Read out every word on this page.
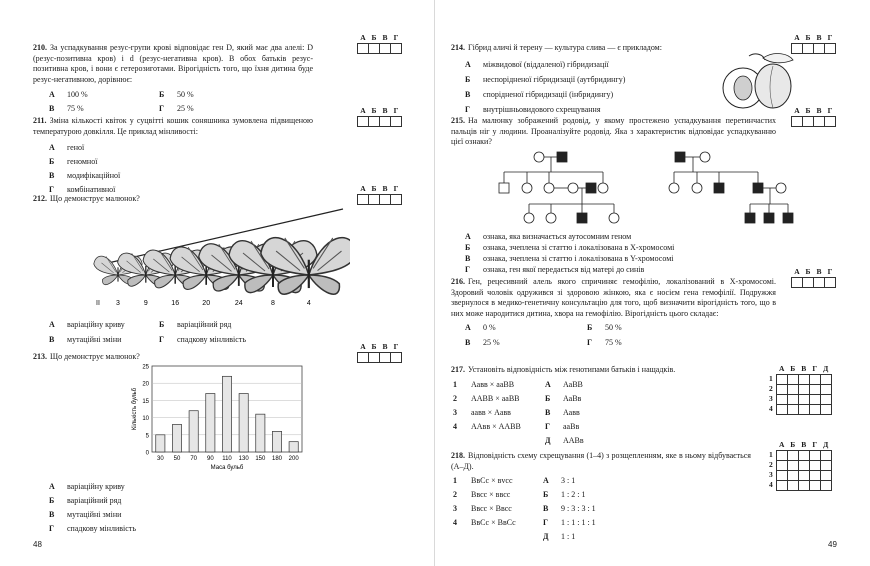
210. За успадкування резус-групи крові відповідає ген D, який має два алелі: D (резус-позитивна кров) і d (резус-негативна кров). В обох батьків резус-позитивна кров, і вони є гетерозиготами. Вірогідність того, що їхня дитина буде резус-негативною, дорівнює:
А 100 %	Б 50 %
В 75 %	Г 25 %
А	Б	В	Г

211. Зміна кількості квіток у суцвітті кошик соняшника зумовлена підвищеною температурою довкілля. Це приклад мінливості:
А геної
Б геномної
В модифікаційної
Г комбінативної
А	Б	В	Г

212. Що демонструє малюнок?
А	Б	В	Г

II 3	9	16	20	24	8	4
А варіаційну криву	Б варіаційний ряд
В мутаційні зміни	Г спадкову мінливість
213. Що демонструє малюнок?
А	Б	В	Г

0
5
10
15
20
25
30 50 70 90 110 130 150 180 200
Маса бульб
Кількість бульб
А варіаційну криву
Б варіаційний ряд
В мутаційні зміни
Г спадкову мінливість
48
214. Гібрид аличі й терену — культура слива — є прикладом:
А міжвидової (віддаленої) гібридизації
Б неспорідненої гібридизації (аутбридингу)
В спорідненої гібридизації (інбридингу)
Г внутрішньовидового схрещування
А	Б	В	Г

215. На малюнку зображений родовід, у якому простежено успадкування перетинчастих пальців ніг у людини. Проаналізуйте родовід. Яка з характеристик відповідає успадкуванню цієї ознаки?
А	Б	В	Г

А ознака, яка визначається аутосомним геном
Б ознака, зчеплена зі статтю і локалізована в Х-хромосомі
В ознака, зчеплена зі статтю і локалізована в Y-хромосомі
Г ознака, ген якої передається від матері до синів
216. Ген, рецесивний алель якого спричиняє гемофілію, локалізований в Х-хромосомі. Здоровий чоловік одружився зі здоровою жінкою, яка є носієм гена гемофілії. Подружжя звернулося в медико-генетичну консультацію для того, щоб визначити вірогідність того, що в них може народитися дитина, хвора на гемофілію. Вірогідність цього складає:
А 0 %	Б 50 %
В 25 %	Г 75 %
А	Б	В	Г

217. Установіть відповідність між генотипами батьків і нащадків.
1	Аавв × ааВВ	А	АаВВ
2	ААВВ × ааВВ	Б	АаВв
3	аавв × Аавв	В	Аавв
4	ААвв × ААВВ	Г	ааВв
		Д	ААВв
	А	Б	В	Г	Д
1					
2					
3					
4					
218. Відповідність схему схрещування (1–4) з розщепленням, яке в ньому відбувається (А–Д).
1	ВвСс × вvсс	А	3 : 1
2	Ввсс × ввсс	Б	1 : 2 : 1
3	Ввсс × Ввсс	В	9 : 3 : 3 : 1
4	ВвСс × ВвСс	Г	1 : 1 : 1 : 1
		Д	1 : 1
	А	Б	В	Г	Д
1					
2					
3					
4					
49
